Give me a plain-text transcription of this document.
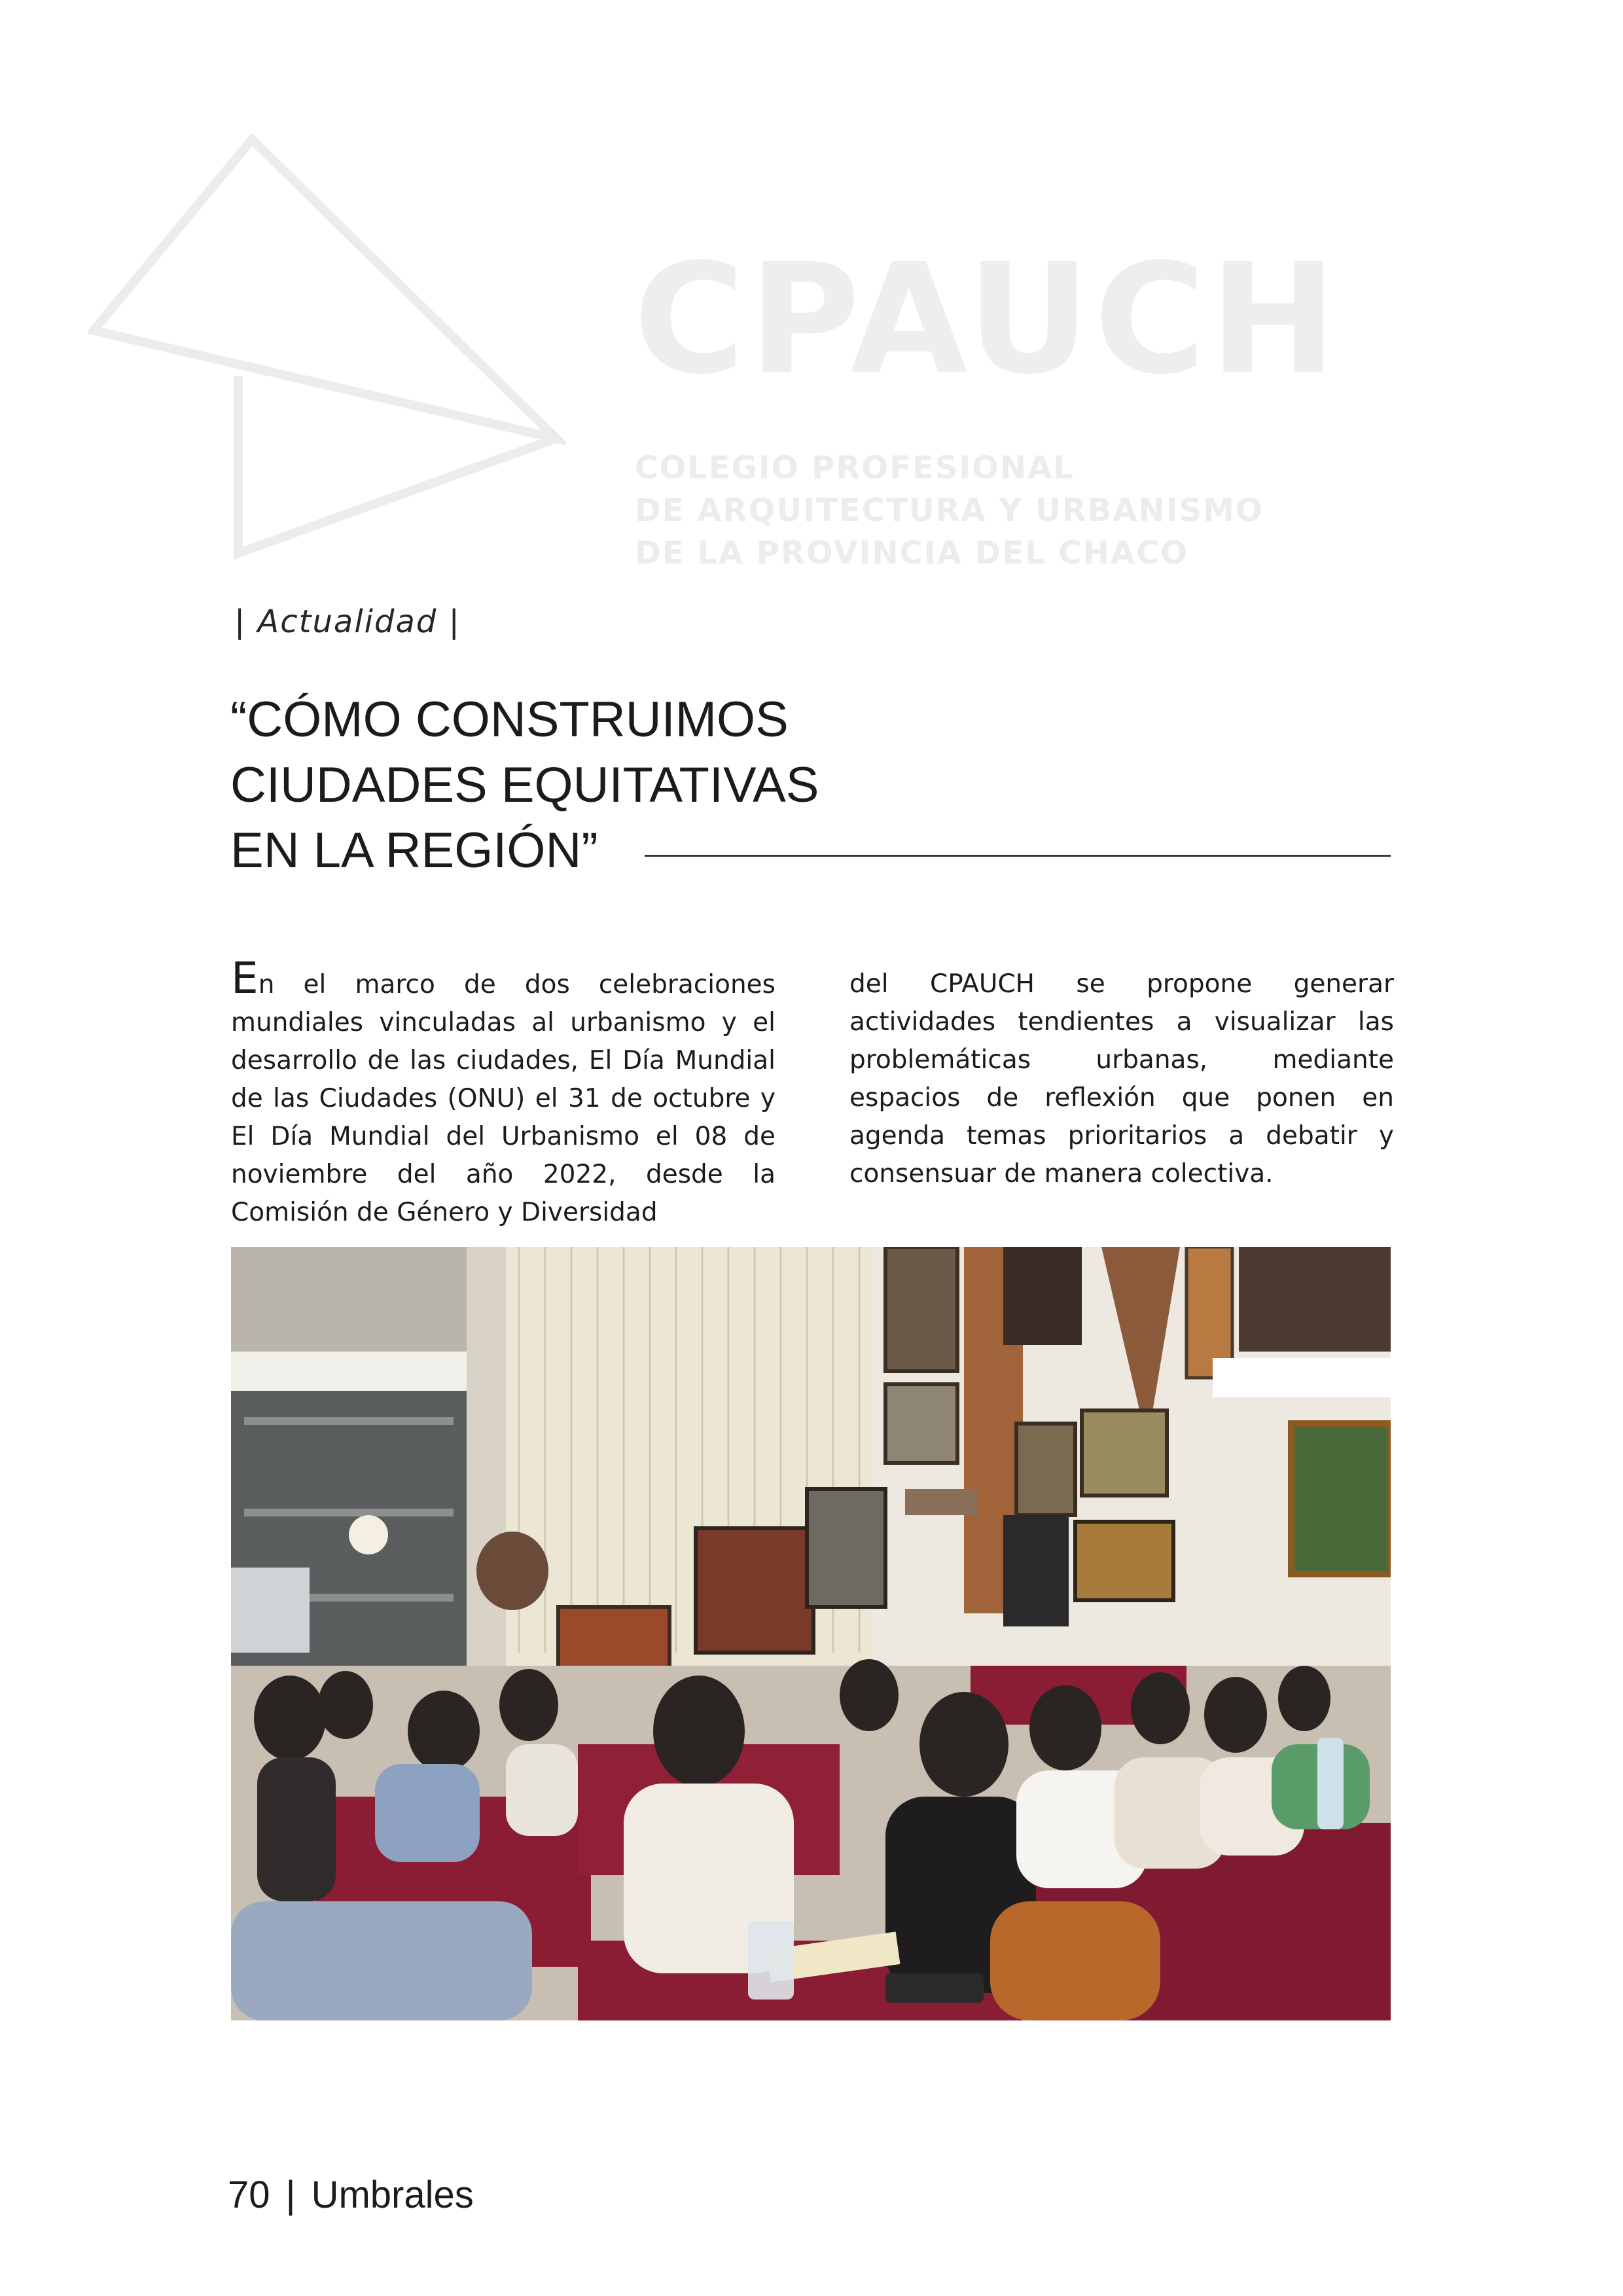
CPAUCH
COLEGIO PROFESIONAL
DE ARQUITECTURA Y URBANISMO
DE LA PROVINCIA DEL CHACO
| Actualidad |
“CÓMO CONSTRUIMOS
CIUDADES EQUITATIVAS
EN LA REGIÓN”
En el marco de dos celebraciones mundiales vinculadas al urbanismo y el desarrollo de las ciudades, El Día Mundial de las Ciudades (ONU) el 31 de octubre y El Día Mundial del Urbanismo el 08 de noviembre del año 2022, desde la Comisión de Género y Diversidad
del CPAUCH se propone generar actividades tendientes a visualizar las problemáticas urbanas, mediante espacios de reflexión que ponen en agenda temas prioritarios a debatir y consensuar de manera colectiva.
70 | Umbrales
